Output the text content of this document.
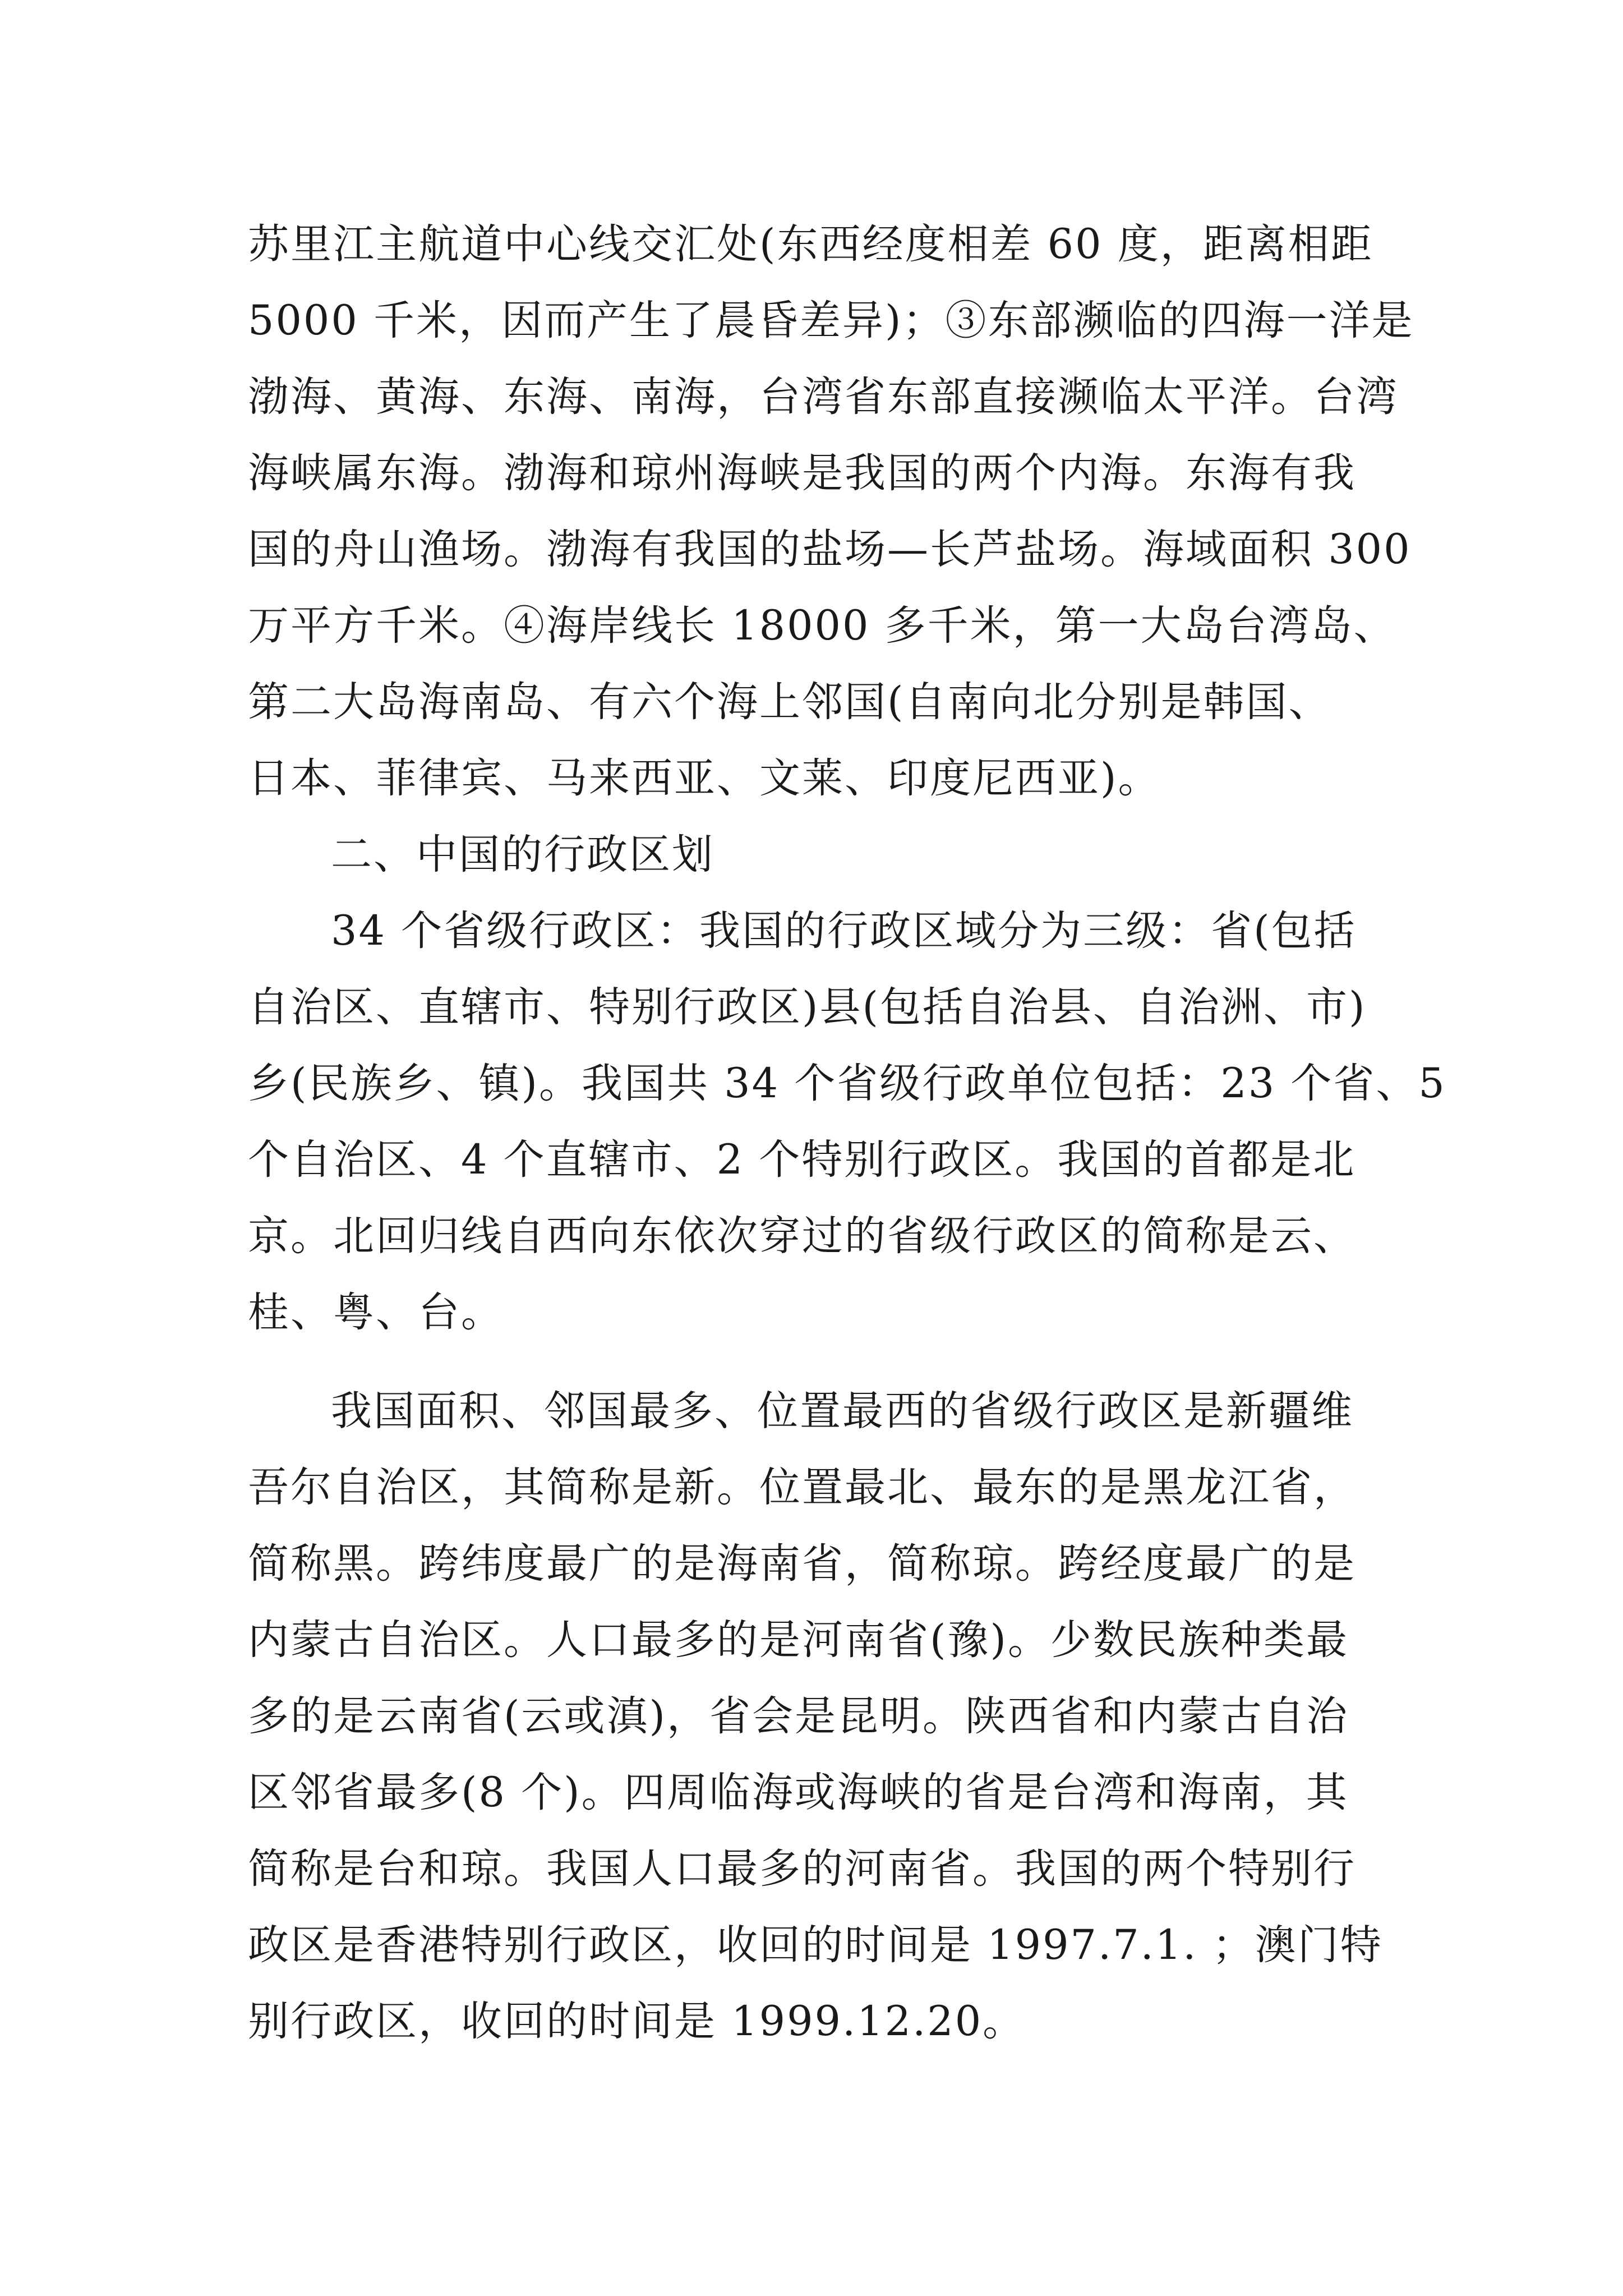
苏里江主航道中心线交汇处(东西经度相差 60 度，距离相距
5000 千米，因而产生了晨昏差异)；③东部濒临的四海一洋是
渤海、黄海、东海、南海，台湾省东部直接濒临太平洋。台湾
海峡属东海。渤海和琼州海峡是我国的两个内海。东海有我
国的舟山渔场。渤海有我国的盐场—长芦盐场。海域面积 300
万平方千米。④海岸线长 18000 多千米，第一大岛台湾岛、
第二大岛海南岛、有六个海上邻国(自南向北分别是韩国、
日本、菲律宾、马来西亚、文莱、印度尼西亚)。
二、中国的行政区划
34 个省级行政区：我国的行政区域分为三级：省(包括
自治区、直辖市、特别行政区)县(包括自治县、自治洲、市)
乡(民族乡、镇)。我国共 34 个省级行政单位包括：23 个省、5
个自治区、4 个直辖市、2 个特别行政区。我国的首都是北
京。北回归线自西向东依次穿过的省级行政区的简称是云、
桂、粤、台。
我国面积、邻国最多、位置最西的省级行政区是新疆维
吾尔自治区，其简称是新。位置最北、最东的是黑龙江省，
简称黑。跨纬度最广的是海南省，简称琼。跨经度最广的是
内蒙古自治区。人口最多的是河南省(豫)。少数民族种类最
多的是云南省(云或滇)，省会是昆明。陕西省和内蒙古自治
区邻省最多(8 个)。四周临海或海峡的省是台湾和海南，其
简称是台和琼。我国人口最多的河南省。我国的两个特别行
政区是香港特别行政区，收回的时间是 1997.7.1. ；澳门特
别行政区，收回的时间是 1999.12.20。
